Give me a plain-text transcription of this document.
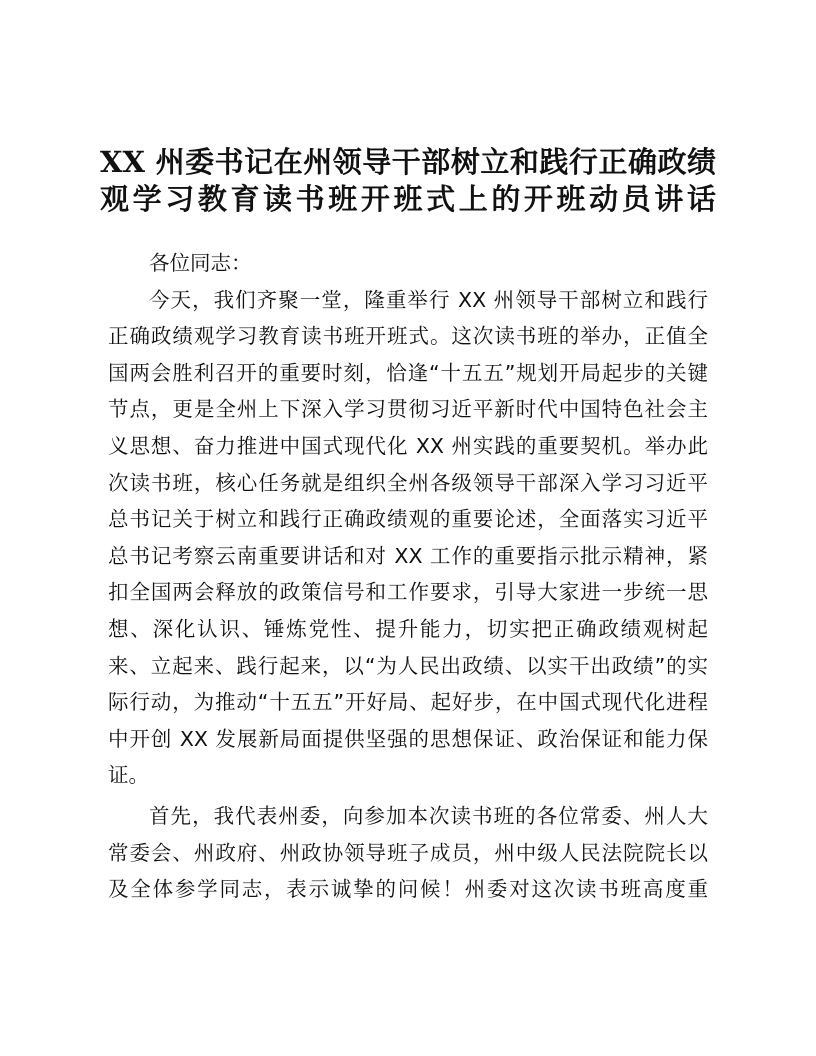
XX 州委书记在州领导干部树立和践行正确政绩
观学习教育读书班开班式上的开班动员讲话

各位同志：

今天，我们齐聚一堂，隆重举行 XX 州领导干部树立和践行
正确政绩观学习教育读书班开班式。这次读书班的举办，正值全
国两会胜利召开的重要时刻，恰逢“十五五”规划开局起步的关键
节点，更是全州上下深入学习贯彻习近平新时代中国特色社会主
义思想、奋力推进中国式现代化 XX 州实践的重要契机。举办此
次读书班，核心任务就是组织全州各级领导干部深入学习习近平
总书记关于树立和践行正确政绩观的重要论述，全面落实习近平
总书记考察云南重要讲话和对 XX 工作的重要指示批示精神，紧
扣全国两会释放的政策信号和工作要求，引导大家进一步统一思
想、深化认识、锤炼党性、提升能力，切实把正确政绩观树起
来、立起来、践行起来，以“为人民出政绩、以实干出政绩”的实
际行动，为推动“十五五”开好局、起好步，在中国式现代化进程
中开创 XX 发展新局面提供坚强的思想保证、政治保证和能力保
证。

首先，我代表州委，向参加本次读书班的各位常委、州人大
常委会、州政府、州政协领导班子成员，州中级人民法院院长以
及全体参学同志，表示诚挚的问候！州委对这次读书班高度重
